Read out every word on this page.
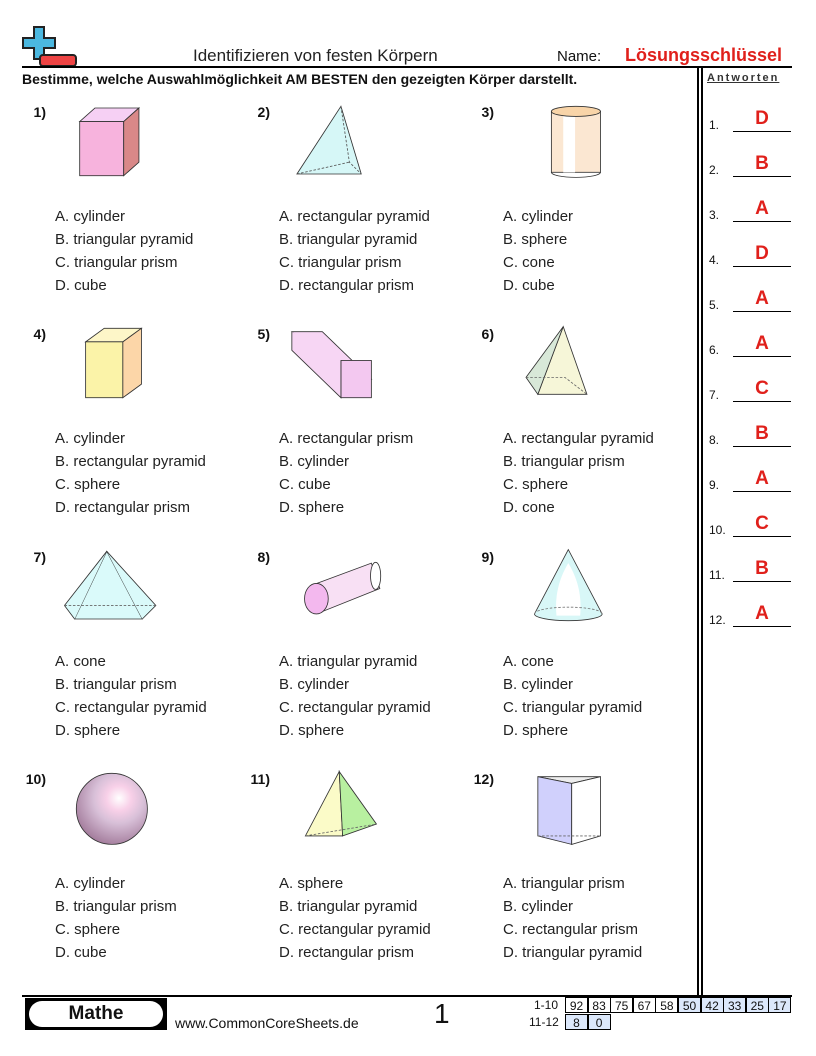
Identifizieren von festen Körpern	Name: Lösungsschlüssel
Bestimme, welche Auswahlmöglichkeit AM BESTEN den gezeigten Körper darstellt.	Antworten
1)
A. cylinder
B. triangular pyramid
C. triangular prism
D. cube
2)
A. rectangular pyramid
B. triangular pyramid
C. triangular prism
D. rectangular prism
3)
A. cylinder
B. sphere
C. cone
D. cube
4)
A. cylinder
B. rectangular pyramid
C. sphere
D. rectangular prism
5)
A. rectangular prism
B. cylinder
C. cube
D. sphere
6)
A. rectangular pyramid
B. triangular prism
C. sphere
D. cone
7)
A. cone
B. triangular prism
C. rectangular pyramid
D. sphere
8)
A. triangular pyramid
B. cylinder
C. rectangular pyramid
D. sphere
9)
A. cone
B. cylinder
C. triangular pyramid
D. sphere
10)
A. cylinder
B. triangular prism
C. sphere
D. cube
11)
A. sphere
B. triangular pyramid
C. rectangular pyramid
D. rectangular prism
12)
A. triangular prism
B. cylinder
C. rectangular prism
D. triangular pyramid
1.	D
2.	B
3.	A
4.	D
5.	A
6.	A
7.	C
8.	B
9.	A
10.	C
11.	B
12.	A
Mathe	www.CommonCoreSheets.de	1	1-10 92 83 75 67 58 50 42 33 25 17
11-12	8	0
